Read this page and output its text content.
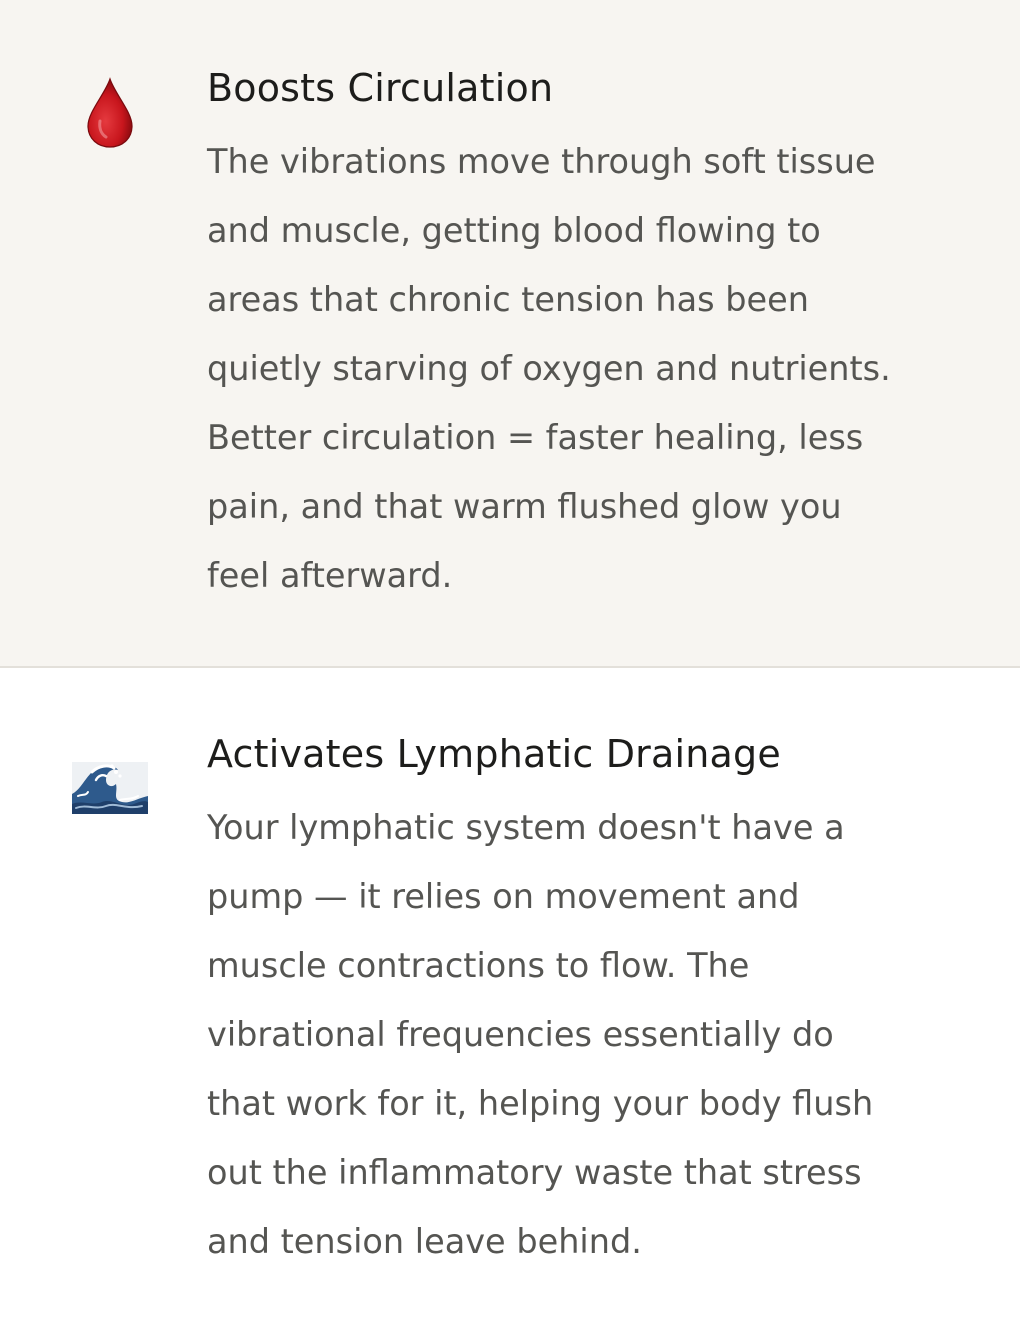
Boosts Circulation

The vibrations move through soft tissue
and muscle, getting blood flowing to
areas that chronic tension has been
quietly starving of oxygen and nutrients.
Better circulation = faster healing, less
pain, and that warm flushed glow you
feel afterward.

Activates Lymphatic Drainage

Your lymphatic system doesn't have a
pump — it relies on movement and
muscle contractions to flow. The
vibrational frequencies essentially do
that work for it, helping your body flush
out the inflammatory waste that stress
and tension leave behind.
